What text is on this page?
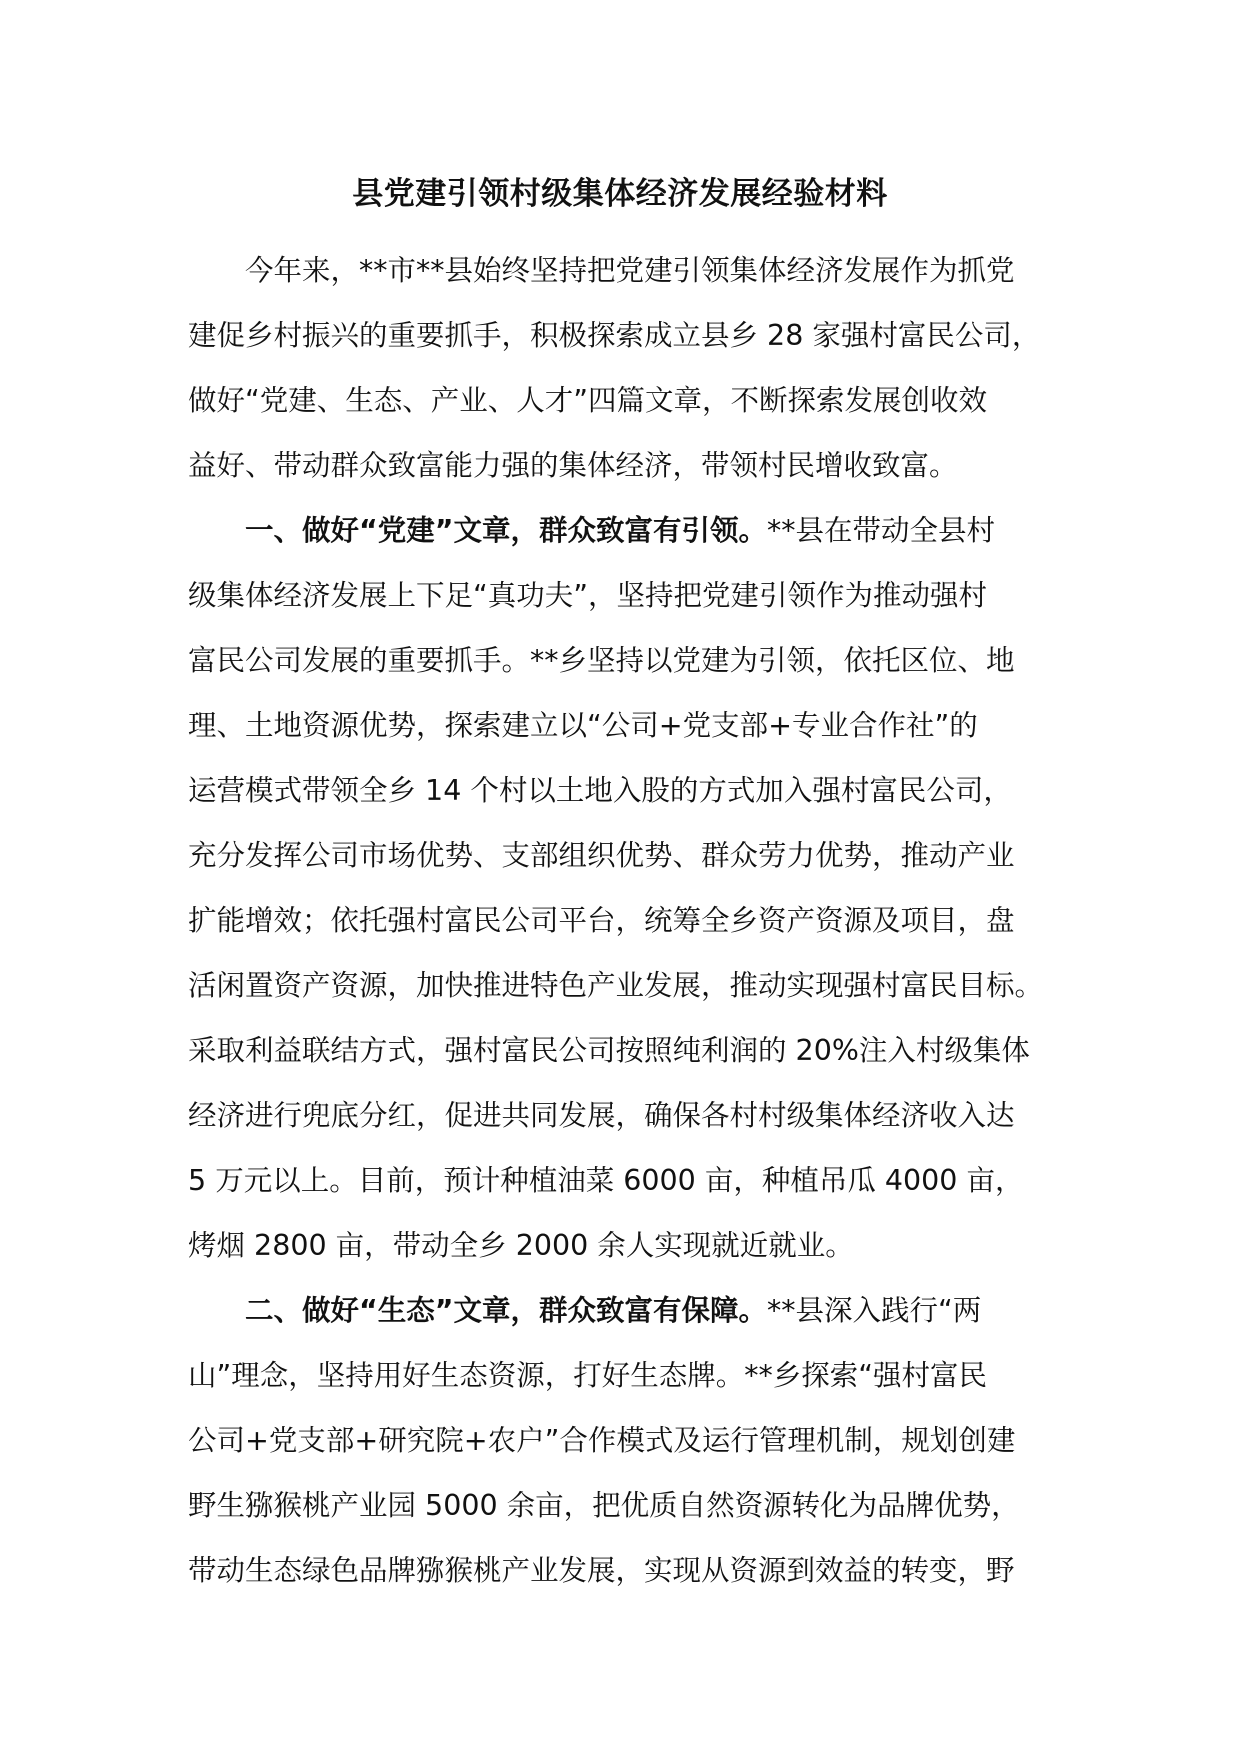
县党建引领村级集体经济发展经验材料
今年来，**市**县始终坚持把党建引领集体经济发展作为抓党
建促乡村振兴的重要抓手，积极探索成立县乡 28 家强村富民公司，
做好“党建、生态、产业、人才”四篇文章，不断探索发展创收效
益好、带动群众致富能力强的集体经济，带领村民增收致富。
一、做好“党建”文章，群众致富有引领。**县在带动全县村
级集体经济发展上下足“真功夫”，坚持把党建引领作为推动强村
富民公司发展的重要抓手。**乡坚持以党建为引领，依托区位、地
理、土地资源优势，探索建立以“公司+党支部+专业合作社”的
运营模式带领全乡 14 个村以土地入股的方式加入强村富民公司，
充分发挥公司市场优势、支部组织优势、群众劳力优势，推动产业
扩能增效；依托强村富民公司平台，统筹全乡资产资源及项目，盘
活闲置资产资源，加快推进特色产业发展，推动实现强村富民目标。
采取利益联结方式，强村富民公司按照纯利润的 20%注入村级集体
经济进行兜底分红，促进共同发展，确保各村村级集体经济收入达
5 万元以上。目前，预计种植油菜 6000 亩，种植吊瓜 4000 亩，
烤烟 2800 亩，带动全乡 2000 余人实现就近就业。
二、做好“生态”文章，群众致富有保障。**县深入践行“两
山”理念，坚持用好生态资源，打好生态牌。**乡探索“强村富民
公司+党支部+研究院+农户”合作模式及运行管理机制，规划创建
野生猕猴桃产业园 5000 余亩，把优质自然资源转化为品牌优势，
带动生态绿色品牌猕猴桃产业发展，实现从资源到效益的转变，野
